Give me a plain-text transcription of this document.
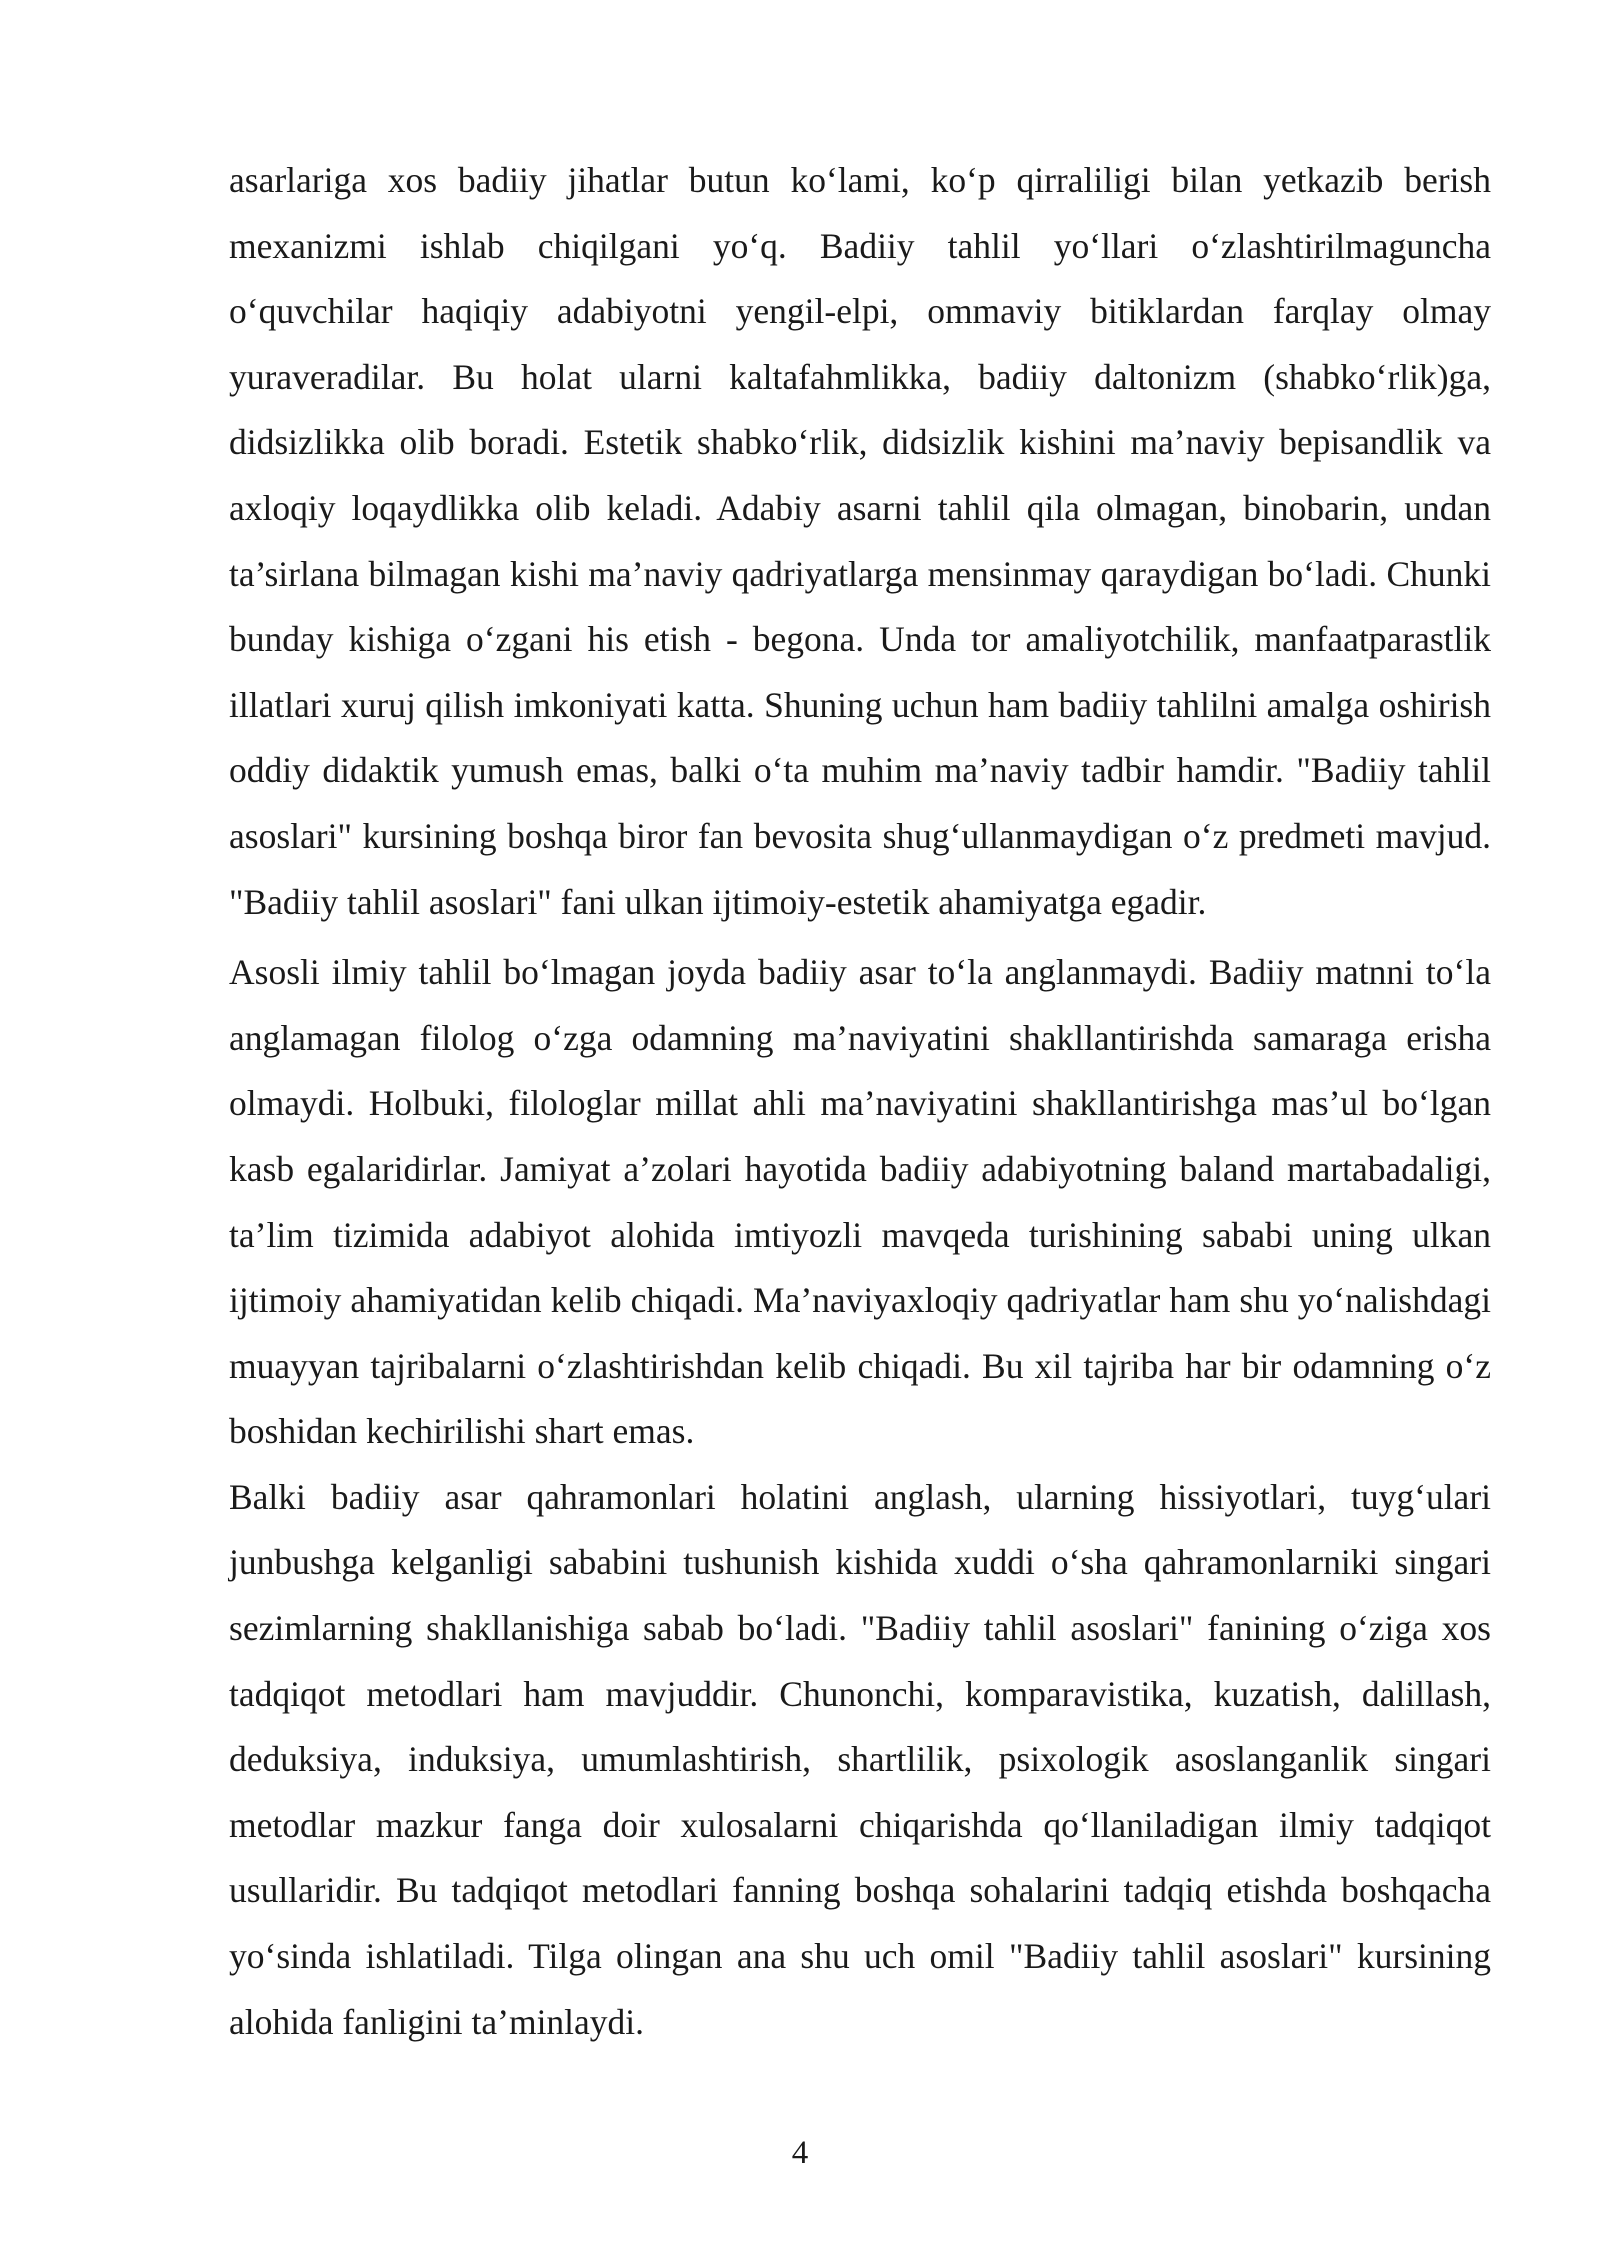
asarlariga xos badiiy jihatlar butun ko‘lami, ko‘p qirraliligi bilan yetkazib berish mexanizmi ishlab chiqilgani yo‘q. Badiiy tahlil yo‘llari o‘zlashtirilmaguncha o‘quvchilar haqiqiy adabiyotni yengil-elpi, ommaviy bitiklardan farqlay olmay yuraveradilar. Bu holat ularni kaltafahmlikka, badiiy daltonizm (shabko‘rlik)ga, didsizlikka olib boradi. Estetik shabko‘rlik, didsizlik kishini ma’naviy bepisandlik va axloqiy loqaydlikka olib keladi. Adabiy asarni tahlil qila olmagan, binobarin, undan ta’sirlana bilmagan kishi ma’naviy qadriyatlarga mensinmay qaraydigan bo‘ladi. Chunki bunday kishiga o‘zgani his etish - begona. Unda tor amaliyotchilik, manfaatparastlik illatlari xuruj qilish imkoniyati katta. Shuning uchun ham badiiy tahlilni amalga oshirish oddiy didaktik yumush emas, balki o‘ta muhim ma’naviy tadbir hamdir. "Badiiy tahlil asoslari" kursining boshqa biror fan bevosita shug‘ullanmaydigan o‘z predmeti mavjud. "Badiiy tahlil asoslari" fani ulkan ijtimoiy-estetik ahamiyatga egadir.

Asosli ilmiy tahlil bo‘lmagan joyda badiiy asar to‘la anglanmaydi. Badiiy matnni to‘la anglamagan filolog o‘zga odamning ma’naviyatini shakllantirishda samaraga erisha olmaydi. Holbuki, filologlar millat ahli ma’naviyatini shakllantirishga mas’ul bo‘lgan kasb egalaridirlar. Jamiyat a’zolari hayotida badiiy adabiyotning baland martabadaligi, ta’lim tizimida adabiyot alohida imtiyozli mavqeda turishining sababi uning ulkan ijtimoiy ahamiyatidan kelib chiqadi. Ma’naviyaxloqiy qadriyatlar ham shu yo‘nalishdagi muayyan tajribalarni o‘zlashtirishdan kelib chiqadi. Bu xil tajriba har bir odamning o‘z boshidan kechirilishi shart emas.

Balki badiiy asar qahramonlari holatini anglash, ularning hissiyotlari, tuyg‘ulari junbushga kelganligi sababini tushunish kishida xuddi o‘sha qahramonlarniki singari sezimlarning shakllanishiga sabab bo‘ladi. "Badiiy tahlil asoslari" fanining o‘ziga xos tadqiqot metodlari ham mavjuddir. Chunonchi, komparavistika, kuzatish, dalillash, deduksiya, induksiya, umumlashtirish, shartlilik, psixologik asoslanganlik singari metodlar mazkur fanga doir xulosalarni chiqarishda qo‘llaniladigan ilmiy tadqiqot usullaridir. Bu tadqiqot metodlari fanning boshqa sohalarini tadqiq etishda boshqacha yo‘sinda ishlatiladi. Tilga olingan ana shu uch omil "Badiiy tahlil asoslari" kursining alohida fanligini ta’minlaydi.

4
